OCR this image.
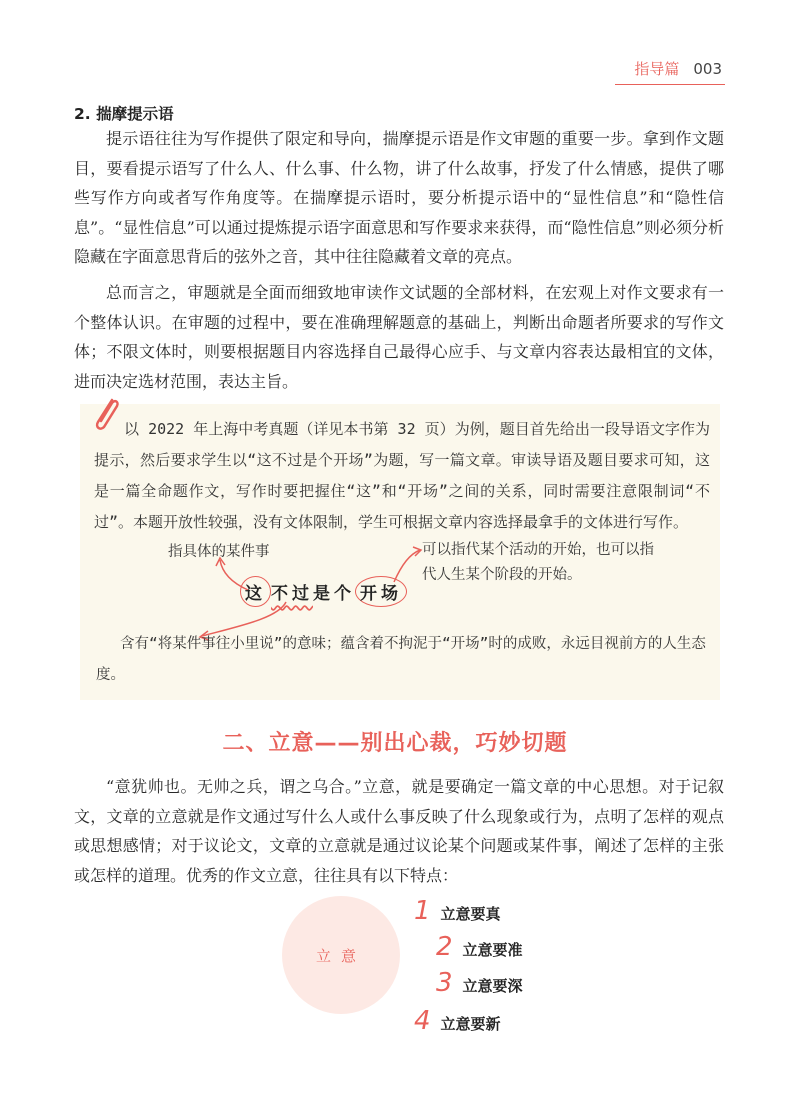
指导篇 003
2. 揣摩提示语

提示语往往为写作提供了限定和导向，揣摩提示语是作文审题的重要一步。拿到作文题目，要看提示语写了什么人、什么事、什么物，讲了什么故事，抒发了什么情感，提供了哪些写作方向或者写作角度等。在揣摩提示语时，要分析提示语中的“显性信息”和“隐性信息”。“显性信息”可以通过提炼提示语字面意思和写作要求来获得，而“隐性信息”则必须分析隐藏在字面意思背后的弦外之音，其中往往隐藏着文章的亮点。

总而言之，审题就是全面而细致地审读作文试题的全部材料，在宏观上对作文要求有一个整体认识。在审题的过程中，要在准确理解题意的基础上，判断出命题者所要求的写作文体；不限文体时，则要根据题目内容选择自己最得心应手、与文章内容表达最相宜的文体，进而决定选材范围，表达主旨。

以 2022 年上海中考真题（详见本书第 32 页）为例，题目首先给出一段导语文字作为提示，然后要求学生以“这不过是个开场”为题，写一篇文章。审读导语及题目要求可知，这是一篇全命题作文，写作时要把握住“这”和“开场”之间的关系，同时需要注意限制词“不过”。本题开放性较强，没有文体限制，学生可根据文章内容选择最拿手的文体进行写作。

指具体的某件事	可以指代某个活动的开始，也可以指代人生某个阶段的开始。
这 不过 是个 开场
含有“将某件事往小里说”的意味；蕴含着不拘泥于“开场”时的成败，永远目视前方的人生态度。
二、立意——别出心裁，巧妙切题

“意犹帅也。无帅之兵，谓之乌合。”立意，就是要确定一篇文章的中心思想。对于记叙文，文章的立意就是作文通过写什么人或什么事反映了什么现象或行为，点明了怎样的观点或思想感情；对于议论文，文章的立意就是通过议论某个问题或某件事，阐述了怎样的主张或怎样的道理。优秀的作文立意，往往具有以下特点：

立意
1 立意要真
2 立意要准
3 立意要深
4 立意要新
